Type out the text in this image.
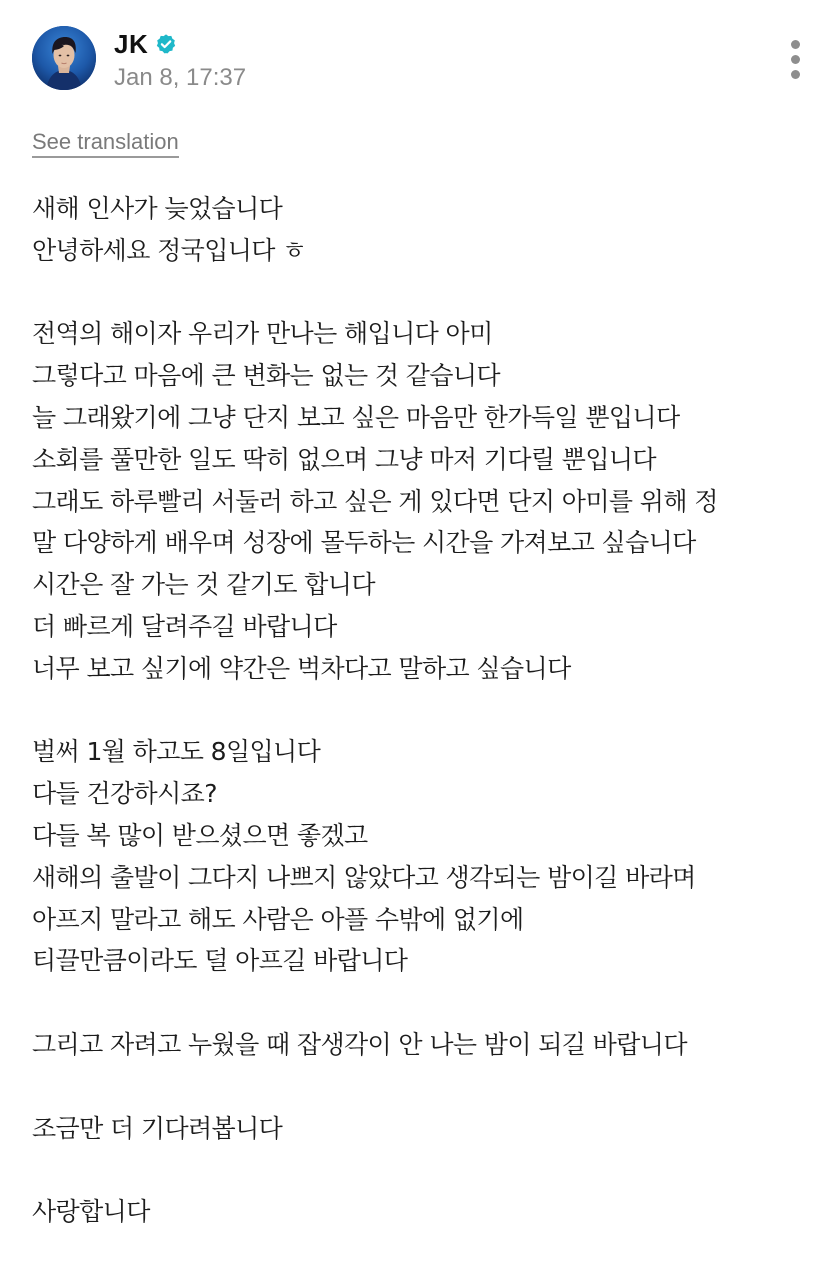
JK
Jan 8, 17:37
See translation
새해 인사가 늦었습니다
안녕하세요 정국입니다 ㅎ
전역의 해이자 우리가 만나는 해입니다 아미
그렇다고 마음에 큰 변화는 없는 것 같습니다
늘 그래왔기에 그냥 단지 보고 싶은 마음만 한가득일 뿐입니다
소회를 풀만한 일도 딱히 없으며 그냥 마저 기다릴 뿐입니다
그래도 하루빨리 서둘러 하고 싶은 게 있다면 단지 아미를 위해 정
말 다양하게 배우며 성장에 몰두하는 시간을 가져보고 싶습니다
시간은 잘 가는 것 같기도 합니다
더 빠르게 달려주길 바랍니다
너무 보고 싶기에 약간은 벅차다고 말하고 싶습니다
벌써 1월 하고도 8일입니다
다들 건강하시죠?
다들 복 많이 받으셨으면 좋겠고
새해의 출발이 그다지 나쁘지 않았다고 생각되는 밤이길 바라며
아프지 말라고 해도 사람은 아플 수밖에 없기에
티끌만큼이라도 덜 아프길 바랍니다
그리고 자려고 누웠을 때 잡생각이 안 나는 밤이 되길 바랍니다
조금만 더 기다려봅니다
사랑합니다
